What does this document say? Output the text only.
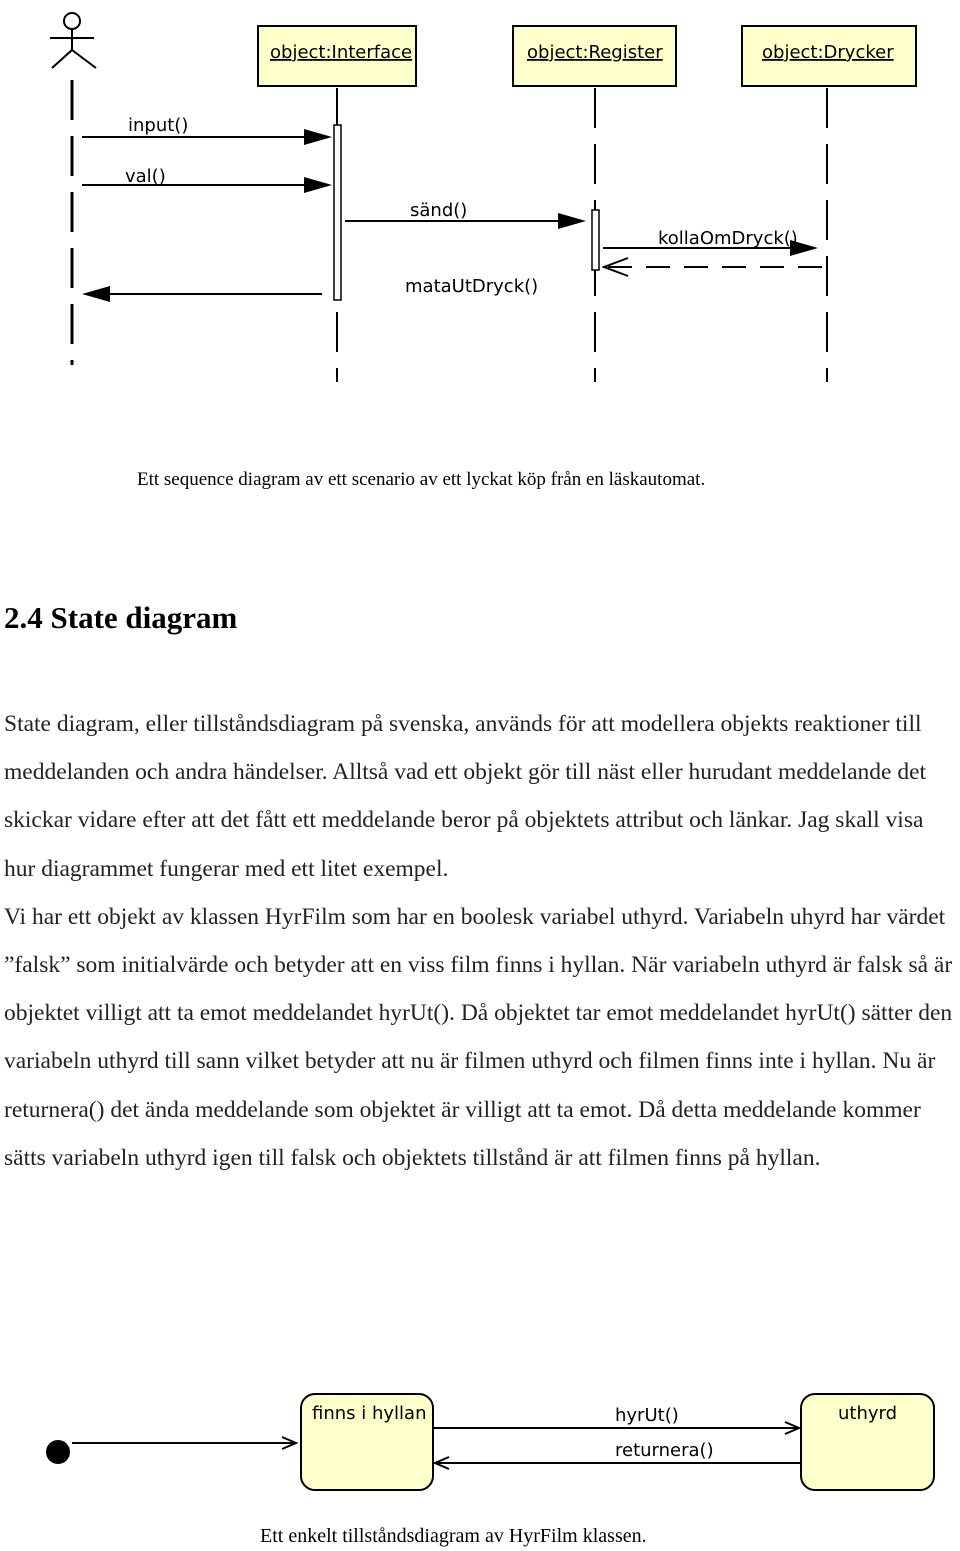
object:Interface	object:Register	object:Drycker
input()
val()
sänd()
kollaOmDryck()
mataUtDryck()
Ett sequence diagram av ett scenario av ett lyckat köp från en läskautomat.
2.4 State diagram

State diagram, eller tillståndsdiagram på svenska, används för att modellera objekts reaktioner till meddelanden och andra händelser. Alltså vad ett objekt gör till näst eller hurudant meddelande det skickar vidare efter att det fått ett meddelande beror på objektets attribut och länkar. Jag skall visa hur diagrammet fungerar med ett litet exempel.

Vi har ett objekt av klassen HyrFilm som har en boolesk variabel uthyrd. Variabeln uhyrd har värdet ”falsk” som initialvärde och betyder att en viss film finns i hyllan. När variabeln uthyrd är falsk så är objektet villigt att ta emot meddelandet hyrUt(). Då objektet tar emot meddelandet hyrUt() sätter den variabeln uthyrd till sann vilket betyder att nu är filmen uthyrd och filmen finns inte i hyllan. Nu är returnera() det ända meddelande som objektet är villigt att ta emot. Då detta meddelande kommer sätts variabeln uthyrd igen till falsk och objektets tillstånd är att filmen finns på hyllan.

finns i hyllan	hyrUt()
returnera()
uthyrd
Ett enkelt tillståndsdiagram av HyrFilm klassen.
